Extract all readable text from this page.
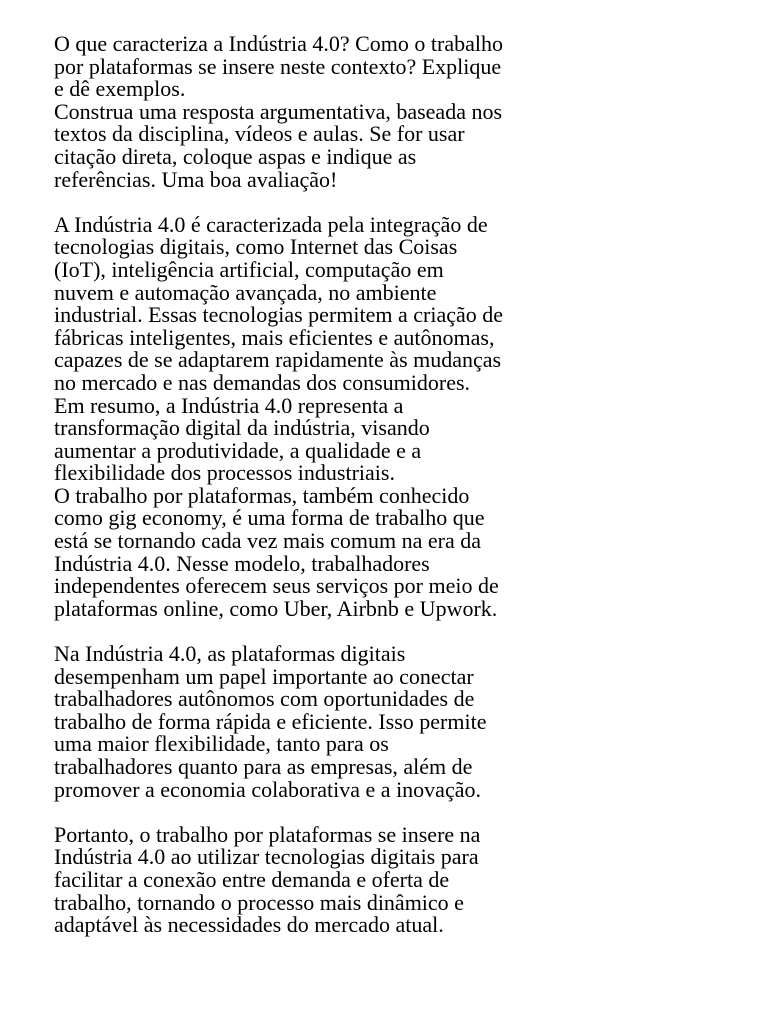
O que caracteriza a Indústria 4.0? Como o trabalho
por plataformas se insere neste contexto? Explique
e dê exemplos.
Construa uma resposta argumentativa, baseada nos
textos da disciplina, vídeos e aulas. Se for usar
citação direta, coloque aspas e indique as
referências. Uma boa avaliação!
A Indústria 4.0 é caracterizada pela integração de
tecnologias digitais, como Internet das Coisas
(IoT), inteligência artificial, computação em
nuvem e automação avançada, no ambiente
industrial. Essas tecnologias permitem a criação de
fábricas inteligentes, mais eficientes e autônomas,
capazes de se adaptarem rapidamente às mudanças
no mercado e nas demandas dos consumidores.
Em resumo, a Indústria 4.0 representa a
transformação digital da indústria, visando
aumentar a produtividade, a qualidade e a
flexibilidade dos processos industriais.
O trabalho por plataformas, também conhecido
como gig economy, é uma forma de trabalho que
está se tornando cada vez mais comum na era da
Indústria 4.0. Nesse modelo, trabalhadores
independentes oferecem seus serviços por meio de
plataformas online, como Uber, Airbnb e Upwork.
Na Indústria 4.0, as plataformas digitais
desempenham um papel importante ao conectar
trabalhadores autônomos com oportunidades de
trabalho de forma rápida e eficiente. Isso permite
uma maior flexibilidade, tanto para os
trabalhadores quanto para as empresas, além de
promover a economia colaborativa e a inovação.
Portanto, o trabalho por plataformas se insere na
Indústria 4.0 ao utilizar tecnologias digitais para
facilitar a conexão entre demanda e oferta de
trabalho, tornando o processo mais dinâmico e
adaptável às necessidades do mercado atual.
